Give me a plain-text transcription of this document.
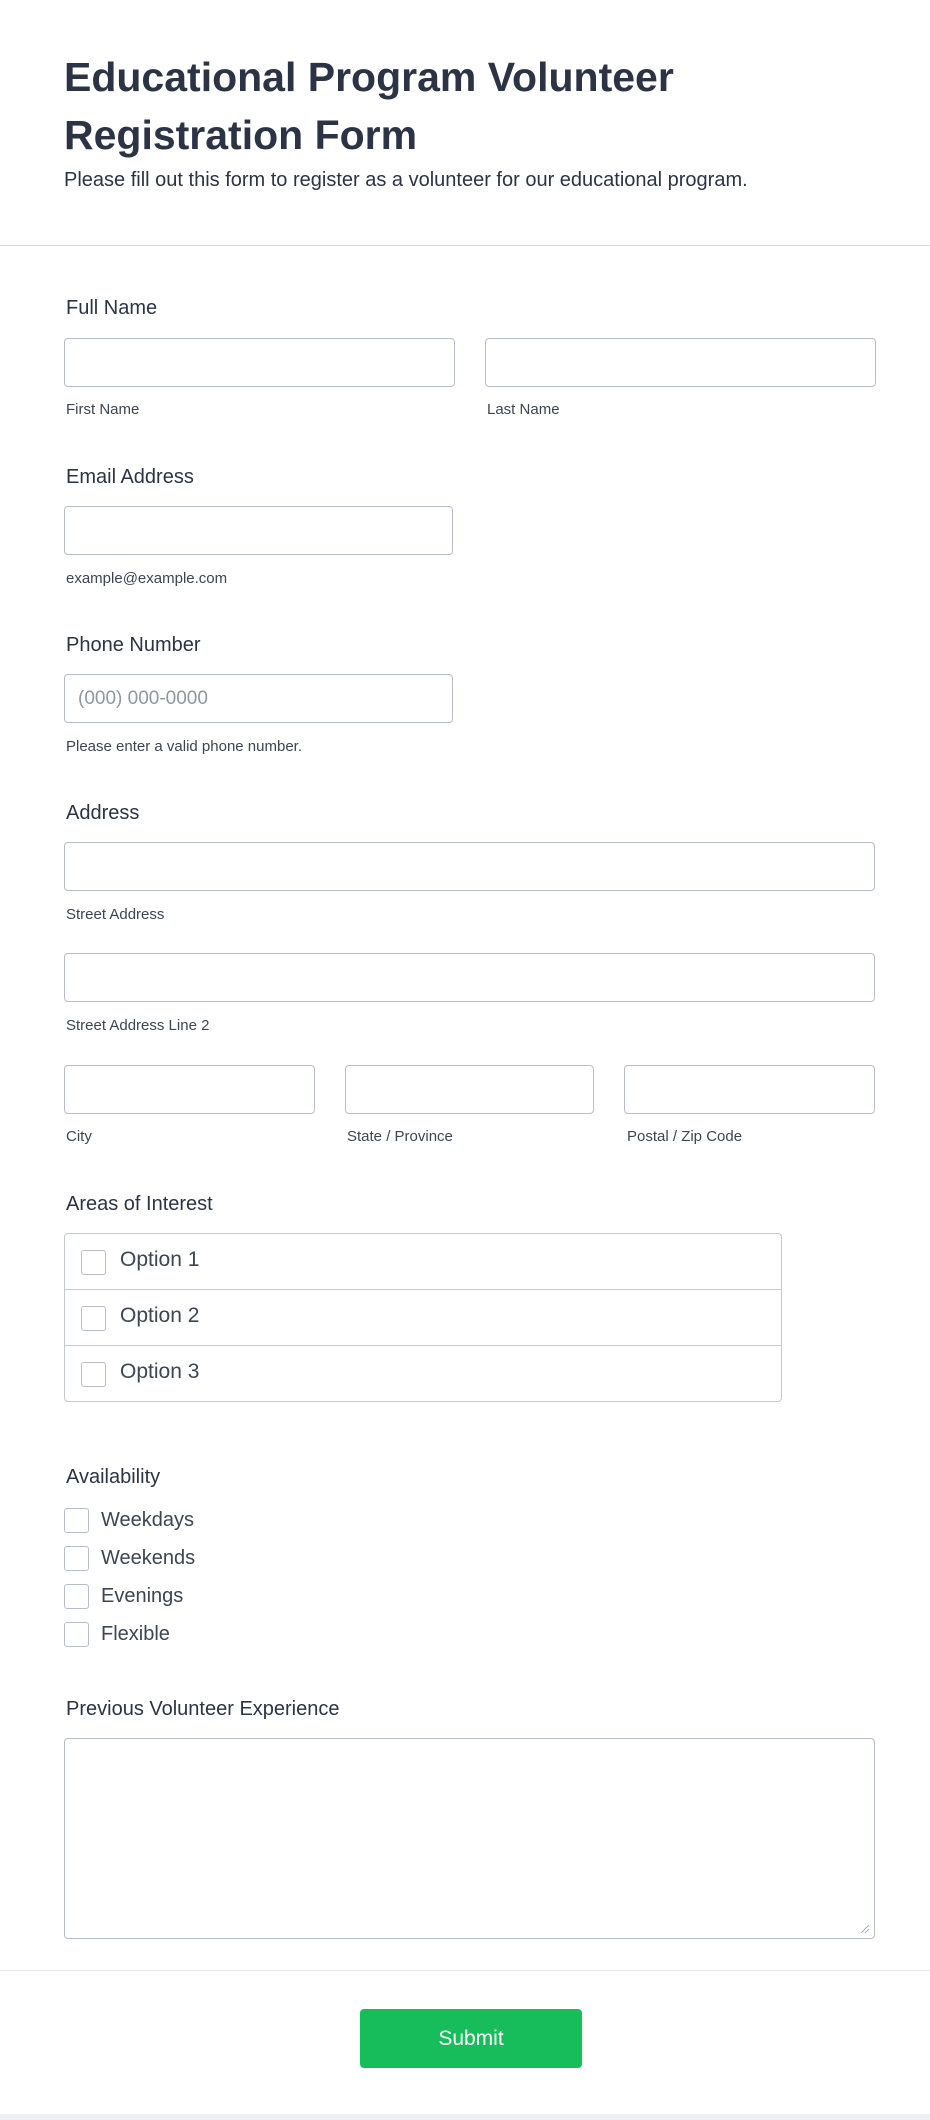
Educational Program Volunteer Registration Form
Please fill out this form to register as a volunteer for our educational program.
Full Name
First Name	Last Name
Email Address
example@example.com
Phone Number
(000) 000-0000
Please enter a valid phone number.
Address
Street Address
Street Address Line 2
City	State / Province	Postal / Zip Code
Areas of Interest
Option 1
Option 2
Option 3
Availability
Weekdays
Weekends
Evenings
Flexible
Previous Volunteer Experience
Submit
